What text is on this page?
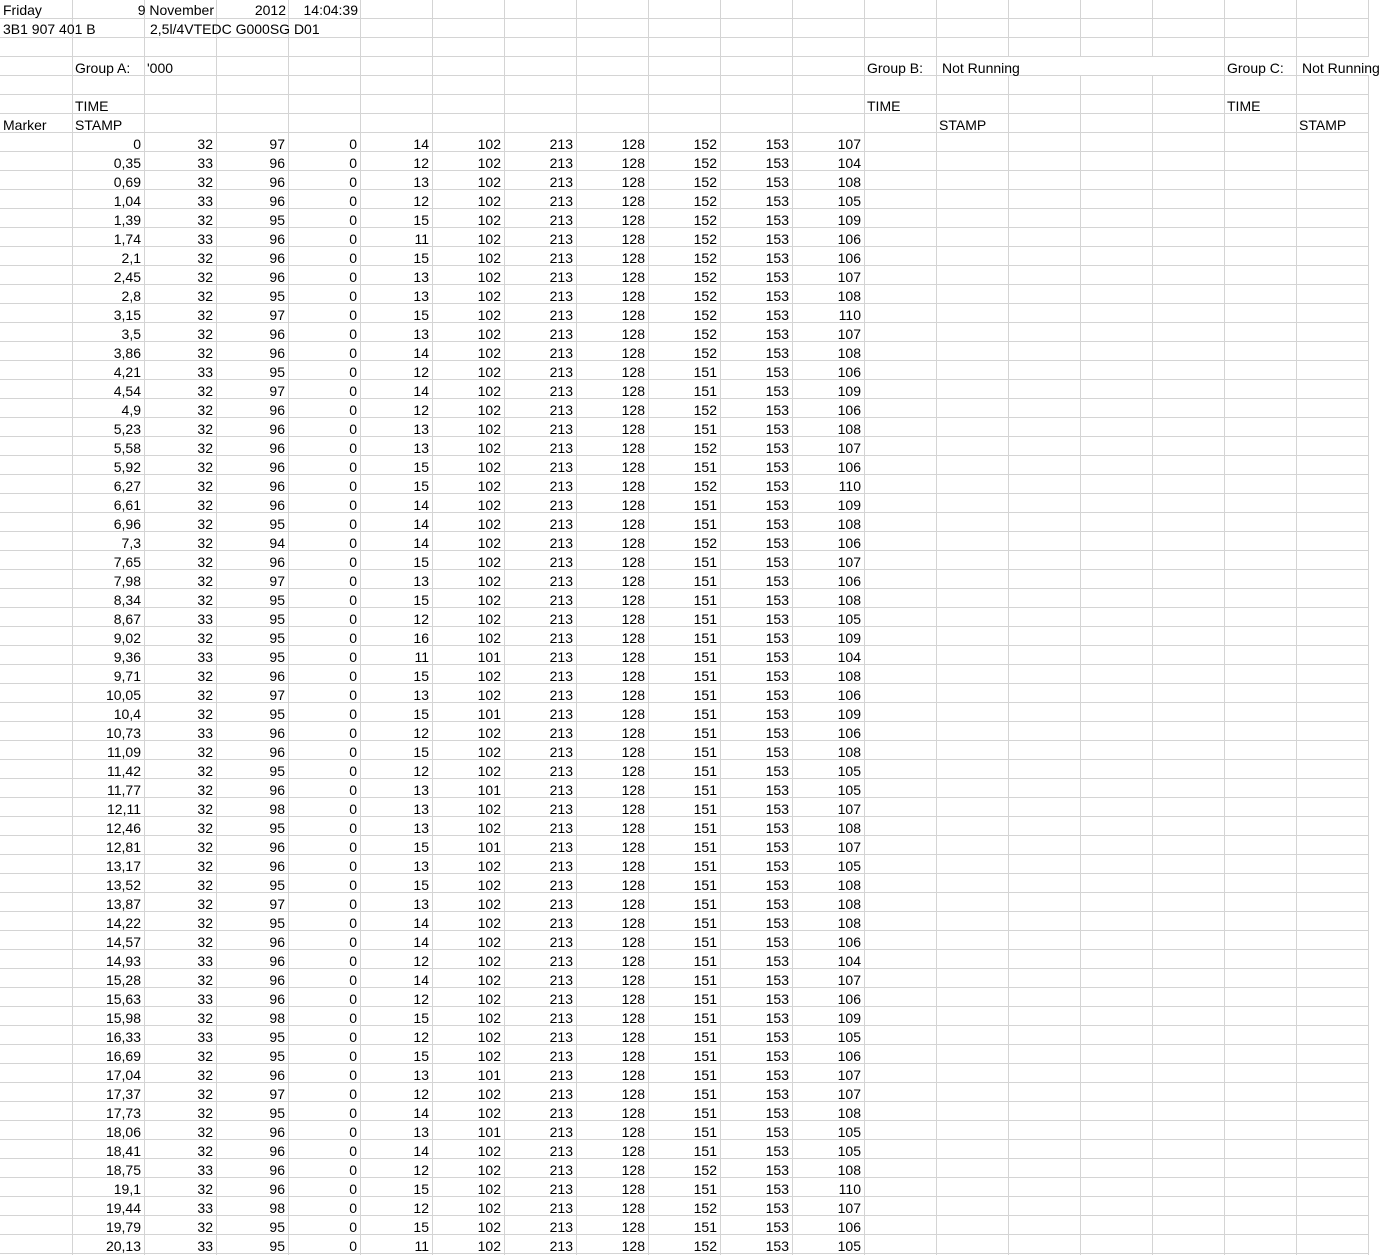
Friday	9 November	2012	14:04:39
3B1 907 401 B	2,5l/4VTEDC G000SG D01
Group A:	'000	Group B:	Not Running	Group C:	Not Running
TIME	TIME	TIME
Marker	STAMP	STAMP	STAMP
0	32	97	0	14	102	213	128	152	153	107
0,35	33	96	0	12	102	213	128	152	153	104
0,69	32	96	0	13	102	213	128	152	153	108
1,04	33	96	0	12	102	213	128	152	153	105
1,39	32	95	0	15	102	213	128	152	153	109
1,74	33	96	0	11	102	213	128	152	153	106
2,1	32	96	0	15	102	213	128	152	153	106
2,45	32	96	0	13	102	213	128	152	153	107
2,8	32	95	0	13	102	213	128	152	153	108
3,15	32	97	0	15	102	213	128	152	153	110
3,5	32	96	0	13	102	213	128	152	153	107
3,86	32	96	0	14	102	213	128	152	153	108
4,21	33	95	0	12	102	213	128	151	153	106
4,54	32	97	0	14	102	213	128	151	153	109
4,9	32	96	0	12	102	213	128	152	153	106
5,23	32	96	0	13	102	213	128	151	153	108
5,58	32	96	0	13	102	213	128	152	153	107
5,92	32	96	0	15	102	213	128	151	153	106
6,27	32	96	0	15	102	213	128	152	153	110
6,61	32	96	0	14	102	213	128	151	153	109
6,96	32	95	0	14	102	213	128	151	153	108
7,3	32	94	0	14	102	213	128	152	153	106
7,65	32	96	0	15	102	213	128	151	153	107
7,98	32	97	0	13	102	213	128	151	153	106
8,34	32	95	0	15	102	213	128	151	153	108
8,67	33	95	0	12	102	213	128	151	153	105
9,02	32	95	0	16	102	213	128	151	153	109
9,36	33	95	0	11	101	213	128	151	153	104
9,71	32	96	0	15	102	213	128	151	153	108
10,05	32	97	0	13	102	213	128	151	153	106
10,4	32	95	0	15	101	213	128	151	153	109
10,73	33	96	0	12	102	213	128	151	153	106
11,09	32	96	0	15	102	213	128	151	153	108
11,42	32	95	0	12	102	213	128	151	153	105
11,77	32	96	0	13	101	213	128	151	153	105
12,11	32	98	0	13	102	213	128	151	153	107
12,46	32	95	0	13	102	213	128	151	153	108
12,81	32	96	0	15	101	213	128	151	153	107
13,17	32	96	0	13	102	213	128	151	153	105
13,52	32	95	0	15	102	213	128	151	153	108
13,87	32	97	0	13	102	213	128	151	153	108
14,22	32	95	0	14	102	213	128	151	153	108
14,57	32	96	0	14	102	213	128	151	153	106
14,93	33	96	0	12	102	213	128	151	153	104
15,28	32	96	0	14	102	213	128	151	153	107
15,63	33	96	0	12	102	213	128	151	153	106
15,98	32	98	0	15	102	213	128	151	153	109
16,33	33	95	0	12	102	213	128	151	153	105
16,69	32	95	0	15	102	213	128	151	153	106
17,04	32	96	0	13	101	213	128	151	153	107
17,37	32	97	0	12	102	213	128	151	153	107
17,73	32	95	0	14	102	213	128	151	153	108
18,06	32	96	0	13	101	213	128	151	153	105
18,41	32	96	0	14	102	213	128	151	153	105
18,75	33	96	0	12	102	213	128	152	153	108
19,1	32	96	0	15	102	213	128	151	153	110
19,44	33	98	0	12	102	213	128	152	153	107
19,79	32	95	0	15	102	213	128	151	153	106
20,13	33	95	0	11	102	213	128	152	153	105
